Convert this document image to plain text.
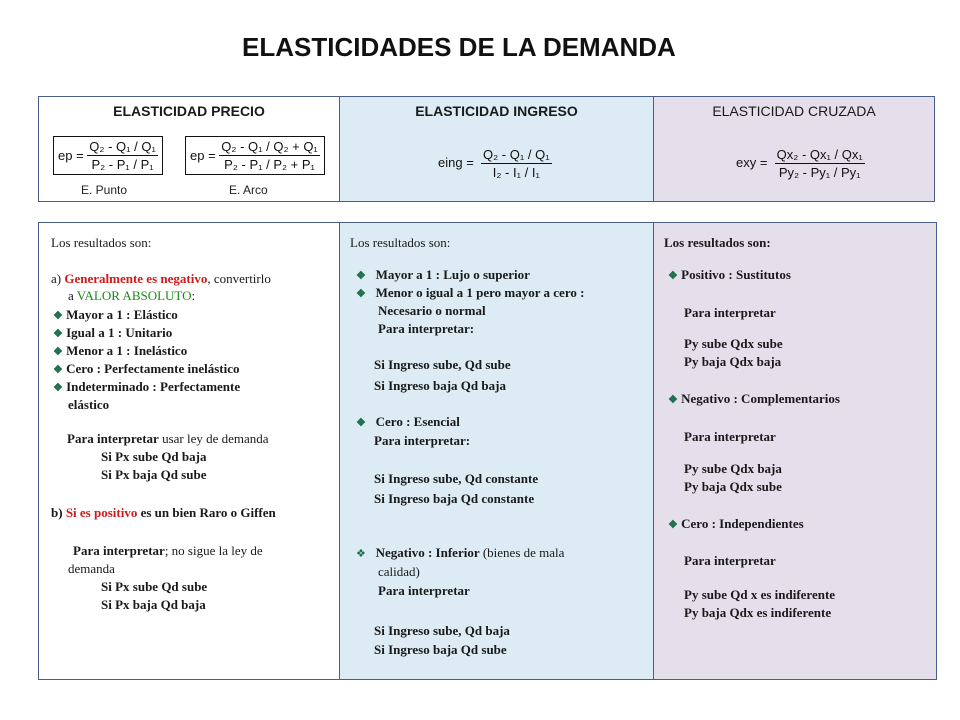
ELASTICIDADES DE LA DEMANDA
ELASTICIDAD PRECIO
ep =
$\frac{\text{Q₂ - Q₁ / Q₁}}{\text{P₂ - P₁ / P₁}}$ ep =
$\frac{\text{Q₂ - Q₁ / Q₂ + Q₁}}{\text{P₂ - P₁ / P₂ + P₁}}$
E. Punto	E. Arco
ELASTICIDAD INGRESO
eing = $\frac{\text{Q₂ - Q₁ / Q₁}}{\text{I₂ - I₁ / I₁}}$
ELASTICIDAD CRUZADA
exy = $\frac{\text{Qx₂ - Qx₁ / Qx₁}}{\text{Py₂ - Py₁ / Py₁}}$
Los resultados son:
a) Generalmente es negativo, convertirlo
a VALOR ABSOLUTO:
❖ Mayor a 1 : Elástico
❖ Igual a 1 : Unitario
❖ Menor a 1 : Inelástico
❖ Cero : Perfectamente inelástico
❖ Indeterminado : Perfectamente
elástico
Para interpretar usar ley de demanda
Si Px sube Qd baja
Si Px baja Qd sube
b) Si es positivo es un bien Raro o Giffen
Para interpretar; no sigue la ley de
demanda
Si Px sube Qd sube
Si Px baja Qd baja
Los resultados son:
❖ Mayor a 1 : Lujo o superior
❖ Menor o igual a 1 pero mayor a cero :
Necesario o normal
Para interpretar:
Si Ingreso sube, Qd sube
Si Ingreso baja Qd baja
❖ Cero : Esencial
Para interpretar:
Si Ingreso sube, Qd constante
Si Ingreso baja Qd constante
❖ Negativo : Inferior (bienes de mala
calidad)
Para interpretar
Si Ingreso sube, Qd baja
Si Ingreso baja Qd sube
Los resultados son:
❖ Positivo : Sustitutos
Para interpretar
Py sube Qdx sube
Py baja Qdx baja
❖ Negativo : Complementarios
Para interpretar
Py sube Qdx baja
Py baja Qdx sube
❖ Cero : Independientes
Para interpretar
Py sube Qd x es indiferente
Py baja Qdx es indiferente
